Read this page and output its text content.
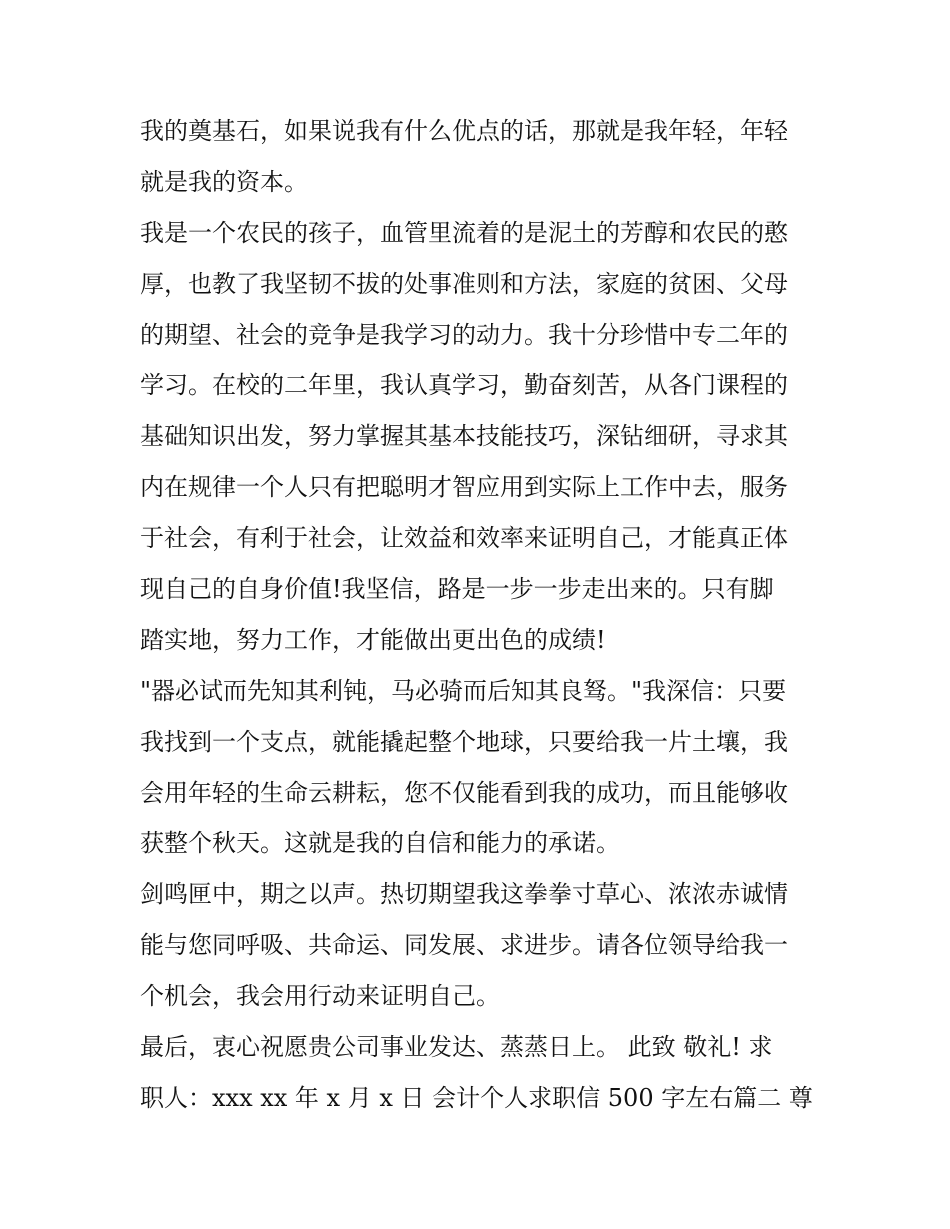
我的奠基石，如果说我有什么优点的话，那就是我年轻，年轻
就是我的资本。
我是一个农民的孩子，血管里流着的是泥土的芳醇和农民的憨
厚，也教了我坚韧不拔的处事准则和方法，家庭的贫困、父母
的期望、社会的竞争是我学习的动力。我十分珍惜中专二年的
学习。在校的二年里，我认真学习，勤奋刻苦，从各门课程的
基础知识出发，努力掌握其基本技能技巧，深钻细研，寻求其
内在规律一个人只有把聪明才智应用到实际上工作中去，服务
于社会，有利于社会，让效益和效率来证明自己，才能真正体
现自己的自身价值!我坚信，路是一步一步走出来的。只有脚
踏实地，努力工作，才能做出更出色的成绩!
"器必试而先知其利钝，马必骑而后知其良驽。"我深信：只要
我找到一个支点，就能撬起整个地球，只要给我一片土壤，我
会用年轻的生命云耕耘，您不仅能看到我的成功，而且能够收
获整个秋天。这就是我的自信和能力的承诺。
剑鸣匣中，期之以声。热切期望我这拳拳寸草心、浓浓赤诚情
能与您同呼吸、共命运、同发展、求进步。请各位领导给我一
个机会，我会用行动来证明自己。
最后，衷心祝愿贵公司事业发达、蒸蒸日上。 此致 敬礼! 求
职人：xxx xx 年 x 月 x 日 会计个人求职信 500 字左右篇二 尊
